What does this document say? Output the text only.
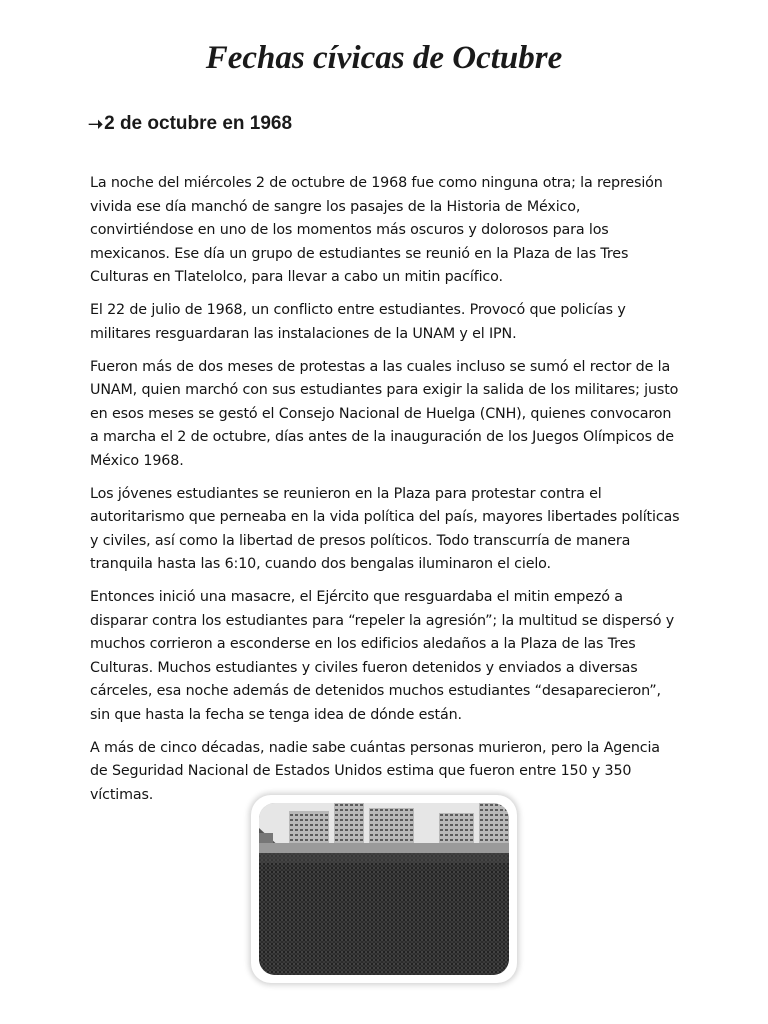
Fechas cívicas de Octubre
➝ 2 de octubre en 1968

La noche del miércoles 2 de octubre de 1968 fue como ninguna otra; la represión vivida ese día manchó de sangre los pasajes de la Historia de México, convirtiéndose en uno de los momentos más oscuros y dolorosos para los mexicanos. Ese día un grupo de estudiantes se reunió en la Plaza de las Tres Culturas en Tlatelolco, para llevar a cabo un mitin pacífico.

El 22 de julio de 1968, un conflicto entre estudiantes. Provocó que policías y militares resguardaran las instalaciones de la UNAM y el IPN.

Fueron más de dos meses de protestas a las cuales incluso se sumó el rector de la UNAM, quien marchó con sus estudiantes para exigir la salida de los militares; justo en esos meses se gestó el Consejo Nacional de Huelga (CNH), quienes convocaron a marcha el 2 de octubre, días antes de la inauguración de los Juegos Olímpicos de México 1968.

Los jóvenes estudiantes se reunieron en la Plaza para protestar contra el autoritarismo que perneaba en la vida política del país, mayores libertades políticas y civiles, así como la libertad de presos políticos. Todo transcurría de manera tranquila hasta las 6:10, cuando dos bengalas iluminaron el cielo.

Entonces inició una masacre, el Ejército que resguardaba el mitin empezó a disparar contra los estudiantes para “repeler la agresión”; la multitud se dispersó y muchos corrieron a esconderse en los edificios aledaños a la Plaza de las Tres Culturas. Muchos estudiantes y civiles fueron detenidos y enviados a diversas cárceles, esa noche además de detenidos muchos estudiantes “desaparecieron”, sin que hasta la fecha se tenga idea de dónde están.

A más de cinco décadas, nadie sabe cuántas personas murieron, pero la Agencia de Seguridad Nacional de Estados Unidos estima que fueron entre 150 y 350 víctimas.
